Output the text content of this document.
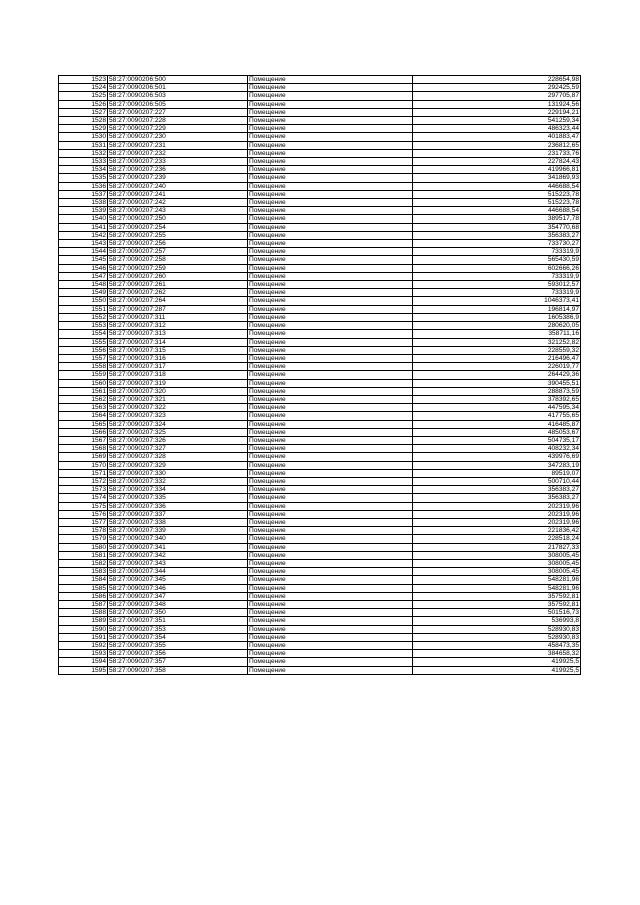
1523	58:27:0090206:500	Помещение	228654,98
1524	58:27:0090206:501	Помещение	292425,59
1525	58:27:0090206:503	Помещение	297705,87
1526	58:27:0090206:505	Помещение	131924,56
1527	58:27:0090207:227	Помещение	229194,21
1528	58:27:0090207:228	Помещение	541259,34
1529	58:27:0090207:229	Помещение	486323,44
1530	58:27:0090207:230	Помещение	401883,47
1531	58:27:0090207:231	Помещение	236812,65
1532	58:27:0090207:232	Помещение	231733,76
1533	58:27:0090207:233	Помещение	227824,43
1534	58:27:0090207:236	Помещение	419966,81
1535	58:27:0090207:239	Помещение	341869,93
1536	58:27:0090207:240	Помещение	446688,54
1537	58:27:0090207:241	Помещение	515223,78
1538	58:27:0090207:242	Помещение	515223,78
1539	58:27:0090207:243	Помещение	446688,54
1540	58:27:0090207:250	Помещение	389517,78
1541	58:27:0090207:254	Помещение	354770,68
1542	58:27:0090207:255	Помещение	356383,27
1543	58:27:0090207:256	Помещение	733730,27
1544	58:27:0090207:257	Помещение	733319,9
1545	58:27:0090207:258	Помещение	565430,59
1546	58:27:0090207:259	Помещение	602666,26
1547	58:27:0090207:260	Помещение	733319,9
1548	58:27:0090207:261	Помещение	593012,57
1549	58:27:0090207:262	Помещение	733319,9
1550	58:27:0090207:264	Помещение	1046373,41
1551	58:27:0090207:287	Помещение	196814,97
1552	58:27:0090207:311	Помещение	1605386,9
1553	58:27:0090207:312	Помещение	280620,05
1554	58:27:0090207:313	Помещение	358711,16
1555	58:27:0090207:314	Помещение	321252,82
1556	58:27:0090207:315	Помещение	228559,32
1557	58:27:0090207:316	Помещение	216496,47
1558	58:27:0090207:317	Помещение	226019,77
1559	58:27:0090207:318	Помещение	264429,36
1560	58:27:0090207:319	Помещение	390455,51
1561	58:27:0090207:320	Помещение	288873,59
1562	58:27:0090207:321	Помещение	378392,65
1563	58:27:0090207:322	Помещение	447595,34
1564	58:27:0090207:323	Помещение	417755,65
1565	58:27:0090207:324	Помещение	416485,87
1566	58:27:0090207:325	Помещение	485053,67
1567	58:27:0090207:326	Помещение	504735,17
1568	58:27:0090207:327	Помещение	408232,34
1569	58:27:0090207:328	Помещение	439976,69
1570	58:27:0090207:329	Помещение	347283,19
1571	58:27:0090207:330	Помещение	89519,07
1572	58:27:0090207:332	Помещение	500710,44
1573	58:27:0090207:334	Помещение	356383,27
1574	58:27:0090207:335	Помещение	356383,27
1575	58:27:0090207:336	Помещение	202319,96
1576	58:27:0090207:337	Помещение	202319,96
1577	58:27:0090207:338	Помещение	202319,96
1578	58:27:0090207:339	Помещение	221836,42
1579	58:27:0090207:340	Помещение	228518,24
1580	58:27:0090207:341	Помещение	217827,33
1581	58:27:0090207:342	Помещение	308005,45
1582	58:27:0090207:343	Помещение	308005,45
1583	58:27:0090207:344	Помещение	308005,45
1584	58:27:0090207:345	Помещение	548281,96
1585	58:27:0090207:346	Помещение	548281,96
1586	58:27:0090207:347	Помещение	357592,81
1587	58:27:0090207:348	Помещение	357592,81
1588	58:27:0090207:350	Помещение	501516,73
1589	58:27:0090207:351	Помещение	536993,8
1590	58:27:0090207:353	Помещение	528930,83
1591	58:27:0090207:354	Помещение	528930,83
1592	58:27:0090207:355	Помещение	458473,35
1593	58:27:0090207:356	Помещение	384658,32
1594	58:27:0090207:357	Помещение	419925,5
1595	58:27:0090207:358	Помещение	419925,5
